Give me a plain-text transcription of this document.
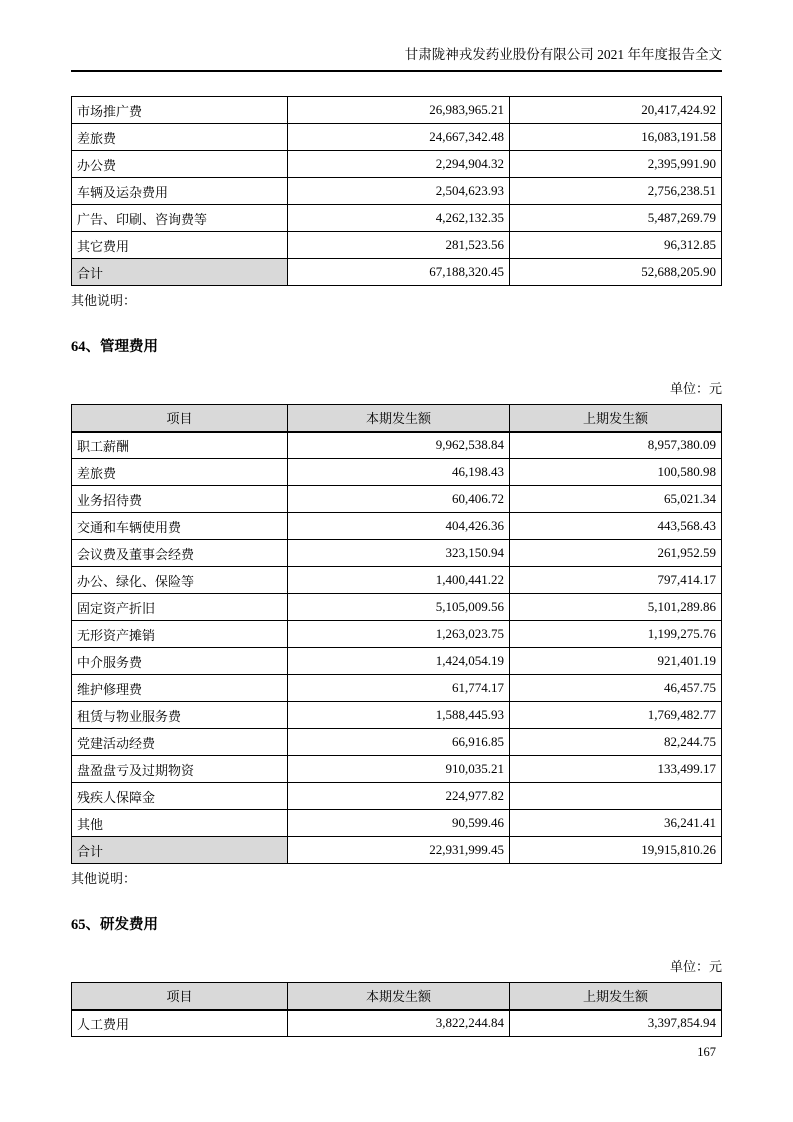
甘肃陇神戎发药业股份有限公司 2021 年年度报告全文
市场推广费	26,983,965.21	20,417,424.92
差旅费	24,667,342.48	16,083,191.58
办公费	2,294,904.32	2,395,991.90
车辆及运杂费用	2,504,623.93	2,756,238.51
广告、印刷、咨询费等	4,262,132.35	5,487,269.79
其它费用	281,523.56	96,312.85
合计	67,188,320.45	52,688,205.90
其他说明：
64、管理费用
单位：元
项目	本期发生额	上期发生额
职工薪酬	9,962,538.84	8,957,380.09
差旅费	46,198.43	100,580.98
业务招待费	60,406.72	65,021.34
交通和车辆使用费	404,426.36	443,568.43
会议费及董事会经费	323,150.94	261,952.59
办公、绿化、保险等	1,400,441.22	797,414.17
固定资产折旧	5,105,009.56	5,101,289.86
无形资产摊销	1,263,023.75	1,199,275.76
中介服务费	1,424,054.19	921,401.19
维护修理费	61,774.17	46,457.75
租赁与物业服务费	1,588,445.93	1,769,482.77
党建活动经费	66,916.85	82,244.75
盘盈盘亏及过期物资	910,035.21	133,499.17
残疾人保障金	224,977.82	
其他	90,599.46	36,241.41
合计	22,931,999.45	19,915,810.26
其他说明：
65、研发费用
单位：元
项目	本期发生额	上期发生额
人工费用	3,822,244.84	3,397,854.94
167
